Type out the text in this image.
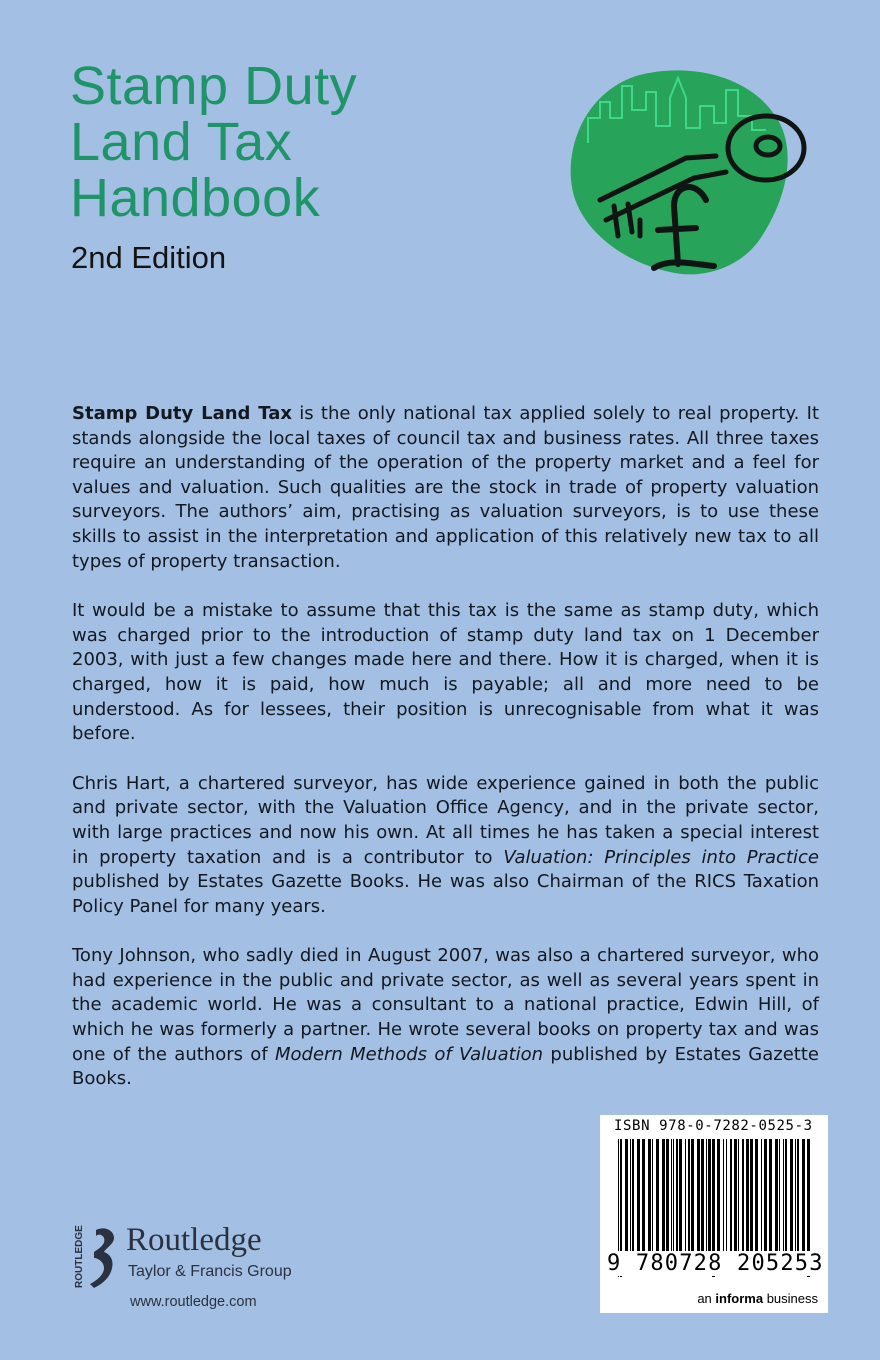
Stamp Duty
Land Tax
Handbook
2nd Edition

Stamp Duty Land Tax is the only national tax applied solely to real property. It stands alongside the local taxes of council tax and business rates. All three taxes require an understanding of the operation of the property market and a feel for values and valuation. Such qualities are the stock in trade of property valuation surveyors. The authors’ aim, practising as valuation surveyors, is to use these skills to assist in the interpretation and application of this relatively new tax to all types of property transaction.

It would be a mistake to assume that this tax is the same as stamp duty, which was charged prior to the introduction of stamp duty land tax on 1 December 2003, with just a few changes made here and there. How it is charged, when it is charged, how it is paid, how much is payable; all and more need to be understood. As for lessees, their position is unrecognisable from what it was before.

Chris Hart, a chartered surveyor, has wide experience gained in both the public and private sector, with the Valuation Office Agency, and in the private sector, with large practices and now his own. At all times he has taken a special interest in property taxation and is a contributor to Valuation: Principles into Practice published by Estates Gazette Books. He was also Chairman of the RICS Taxation Policy Panel for many years.

Tony Johnson, who sadly died in August 2007, was also a chartered surveyor, who had experience in the public and private sector, as well as several years spent in the academic world. He was a consultant to a national practice, Edwin Hill, of which he was formerly a partner. He wrote several books on property tax and was one of the authors of Modern Methods of Valuation published by Estates Gazette Books.

ROUTLEDGE Routledge
Taylor & Francis Group
www.routledge.com
ISBN 978-0-7282-0525-3
9 780728 205253
an informa business
